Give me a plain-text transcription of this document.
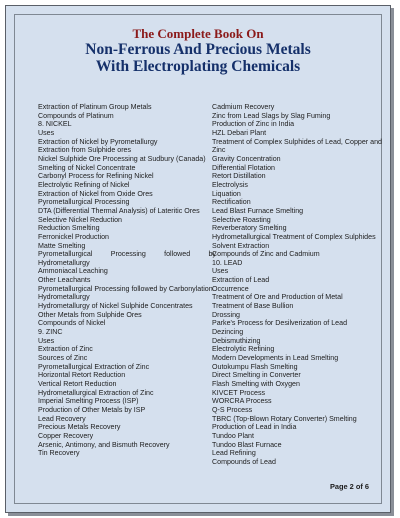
The Complete Book On
Non-Ferrous And Precious Metals
With Electroplating Chemicals
Extraction of Platinum Group Metals
Compounds of Platinum
8. NICKEL
Uses
Extraction of Nickel by Pyrometallurgy
Extraction from Sulphide ores
Nickel Sulphide Ore Processing at Sudbury (Canada)
Smelting of Nickel Concentrate
Carbonyl Process for Refining Nickel
Electrolytic Refining of Nickel
Extraction of Nickel from Oxide Ores
Pyrometallurgical Processing
DTA (Differential Thermal Analysis) of Lateritic Ores
Selective Nickel Reduction
Reduction Smelting
Ferronickel Production
Matte Smelting
Pyrometallurgical Processing followed by Hydrometallurgy
Ammoniacal Leaching
Other Leachants
Pyrometallurgical Processing followed by Carbonylation
Hydrometallurgy
Hydrometallurgy of Nickel Sulphide Concentrates
Other Metals from Sulphide Ores
Compounds of Nickel
9. ZINC
Uses
Extraction of Zinc
Sources of Zinc
Pyrometallurgical Extraction of Zinc
Horizontal Retort Reduction
Vertical Retort Reduction
Hydrometallurgical Extraction of Zinc
Imperial Smelting Process (ISP)
Production of Other Metals by ISP
Lead Recovery
Precious Metals Recovery
Copper Recovery
Arsenic, Antimony, and Bismuth Recovery
Tin Recovery
Cadmium Recovery
Zinc from Lead Slags by Slag Fuming
Production of Zinc in India
HZL Debari Plant
Treatment of Complex Sulphides of Lead, Copper and Zinc
Gravity Concentration
Differential Flotation
Retort Distillation
Electrolysis
Liquation
Rectification
Lead Blast Furnace Smelting
Selective Roasting
Reverberatory Smelting
Hydrometallurgical Treatment of Complex Sulphides
Solvent Extraction
Compounds of Zinc and Cadmium
10. LEAD
Uses
Extraction of Lead
Occurrence
Treatment of Ore and Production of Metal
Treatment of Base Bullion
Drossing
Parke's Process for Desilverization of Lead
Dezincing
Debismuthizing
Electrolytic Refining
Modern Developments in Lead Smelting
Outokumpu Flash Smelting
Direct Smelting in Converter
Flash Smelting with Oxygen
KIVCET Process
WORCRA Process
Q-S Process
TBRC (Top-Blown Rotary Converter) Smelting
Production of Lead in India
Tundoo Plant
Tundoo Blast Furnace
Lead Refining
Compounds of Lead
Page 2 of 6
